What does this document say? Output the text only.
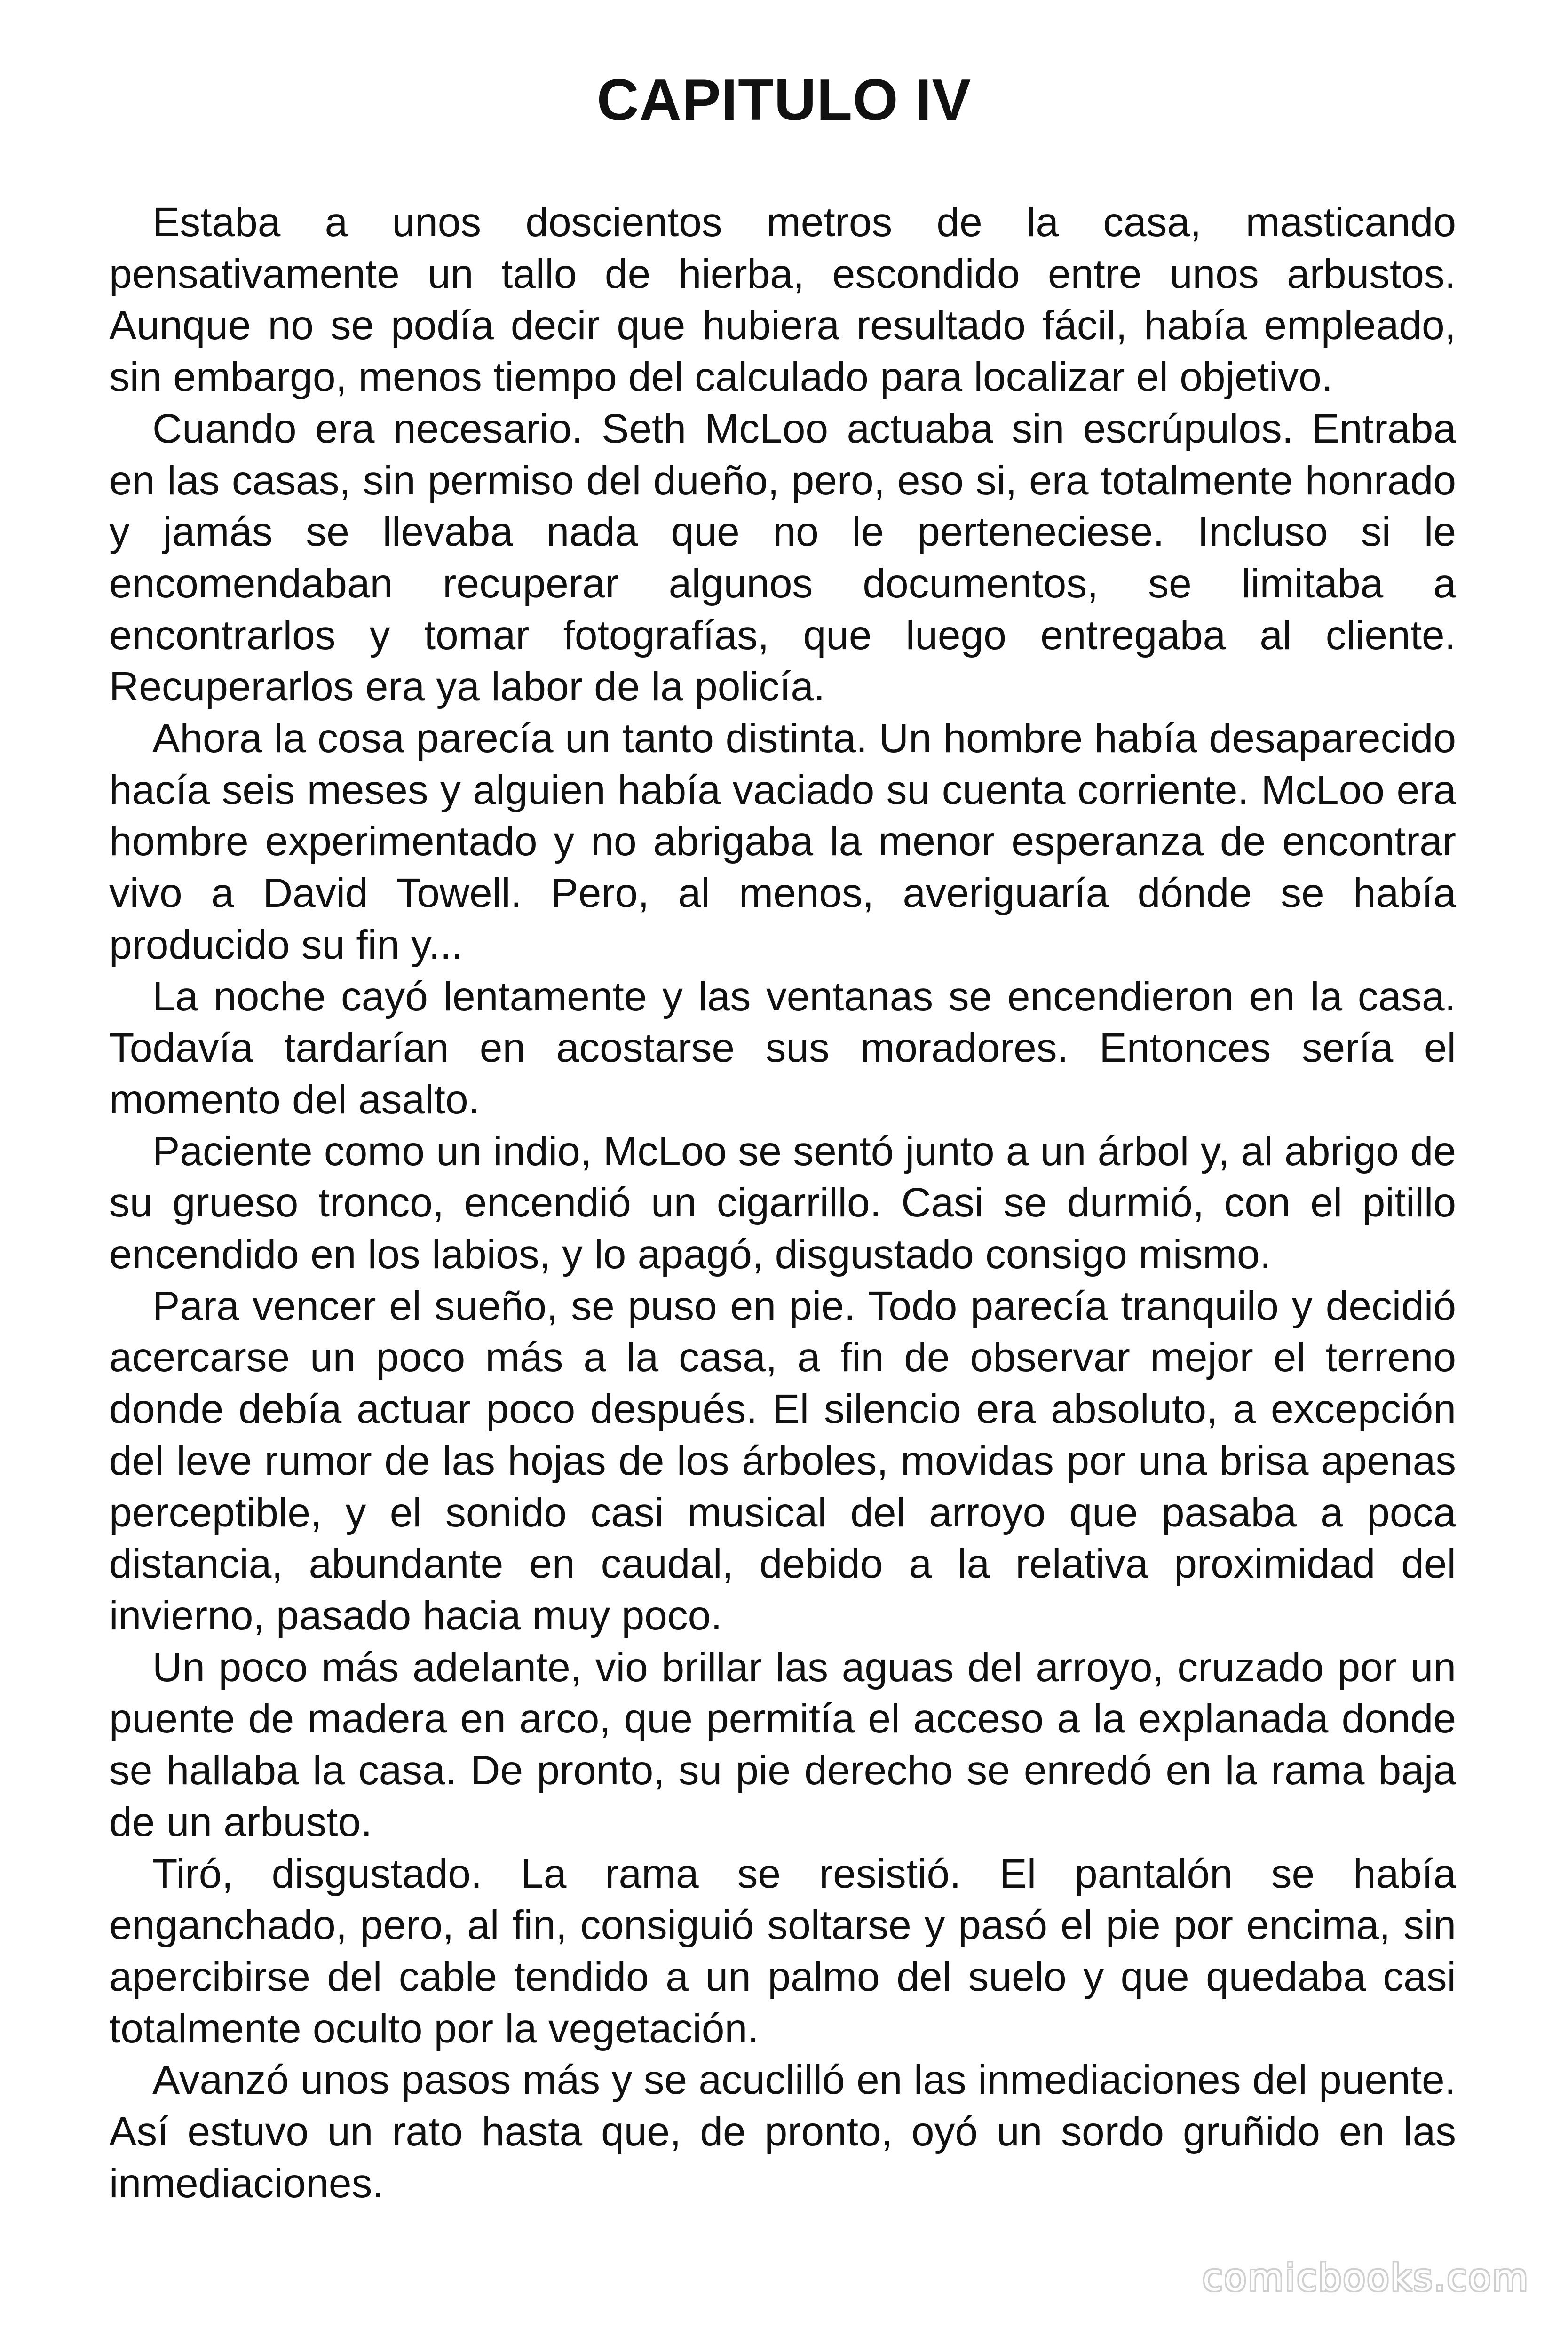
CAPITULO IV

Estaba a unos doscientos metros de la casa, masticando pensativamente un tallo de hierba, escondido entre unos arbustos. Aunque no se podía decir que hubiera resultado fácil, había empleado, sin embargo, menos tiempo del calculado para localizar el objetivo.

Cuando era necesario. Seth McLoo actuaba sin escrúpulos. Entraba en las casas, sin permiso del dueño, pero, eso si, era totalmente honrado y jamás se llevaba nada que no le perteneciese. Incluso si le encomendaban recuperar algunos documentos, se limitaba a encontrarlos y tomar fotografías, que luego entregaba al cliente. Recuperarlos era ya labor de la policía.

Ahora la cosa parecía un tanto distinta. Un hombre había desaparecido hacía seis meses y alguien había vaciado su cuenta corriente. McLoo era hombre experimentado y no abrigaba la menor esperanza de encontrar vivo a David Towell. Pero, al menos, averiguaría dónde se había producido su fin y...

La noche cayó lentamente y las ventanas se encendieron en la casa. Todavía tardarían en acostarse sus moradores. Entonces sería el momento del asalto.

Paciente como un indio, McLoo se sentó junto a un árbol y, al abrigo de su grueso tronco, encendió un cigarrillo. Casi se durmió, con el pitillo encendido en los labios, y lo apagó, disgustado consigo mismo.

Para vencer el sueño, se puso en pie. Todo parecía tranquilo y decidió acercarse un poco más a la casa, a fin de observar mejor el terreno donde debía actuar poco después. El silencio era absoluto, a excepción del leve rumor de las hojas de los árboles, movidas por una brisa apenas perceptible, y el sonido casi musical del arroyo que pasaba a poca distancia, abundante en caudal, debido a la relativa proximidad del invierno, pasado hacia muy poco.

Un poco más adelante, vio brillar las aguas del arroyo, cruzado por un puente de madera en arco, que permitía el acceso a la explanada donde se hallaba la casa. De pronto, su pie derecho se enredó en la rama baja de un arbusto.

Tiró, disgustado. La rama se resistió. El pantalón se había enganchado, pero, al fin, consiguió soltarse y pasó el pie por encima, sin apercibirse del cable tendido a un palmo del suelo y que quedaba casi totalmente oculto por la vegetación.

Avanzó unos pasos más y se acuclilló en las inmediaciones del puente. Así estuvo un rato hasta que, de pronto, oyó un sordo gruñido en las inmediaciones.

comicbooks.com
